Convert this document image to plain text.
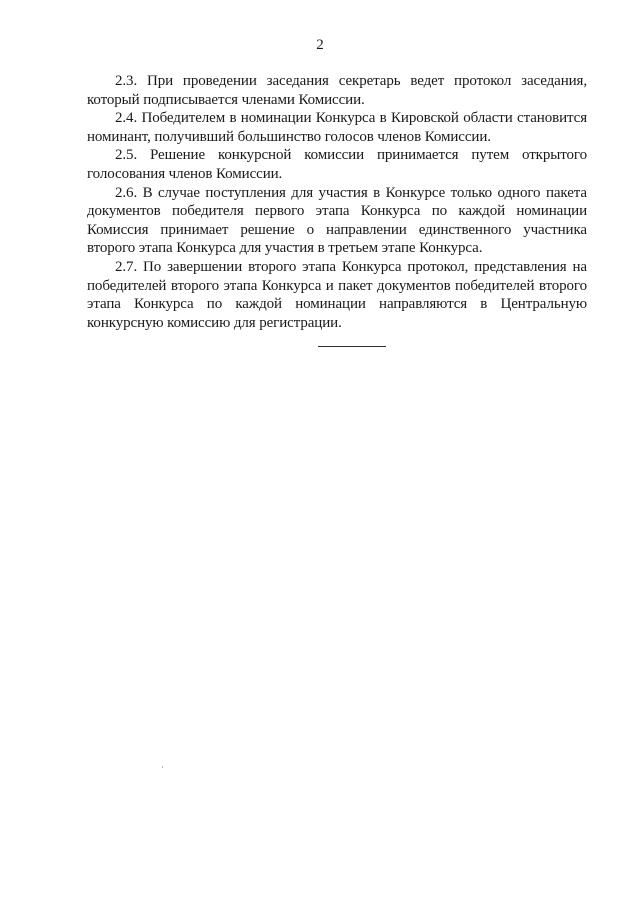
2

2.3. При проведении заседания секретарь ведет протокол заседания, который подписывается членами Комиссии.

2.4. Победителем в номинации Конкурса в Кировской области становится номинант, получивший большинство голосов членов Комиссии.

2.5. Решение конкурсной комиссии принимается путем открытого голосования членов Комиссии.

2.6. В случае поступления для участия в Конкурсе только одного пакета документов победителя первого этапа Конкурса по каждой номинации Комиссия принимает решение о направлении единственного участника второго этапа Конкурса для участия в третьем этапе Конкурса.

2.7. По завершении второго этапа Конкурса протокол, представления на победителей второго этапа Конкурса и пакет документов победителей второго этапа Конкурса по каждой номинации направляются в Центральную конкурсную комиссию для регистрации.
